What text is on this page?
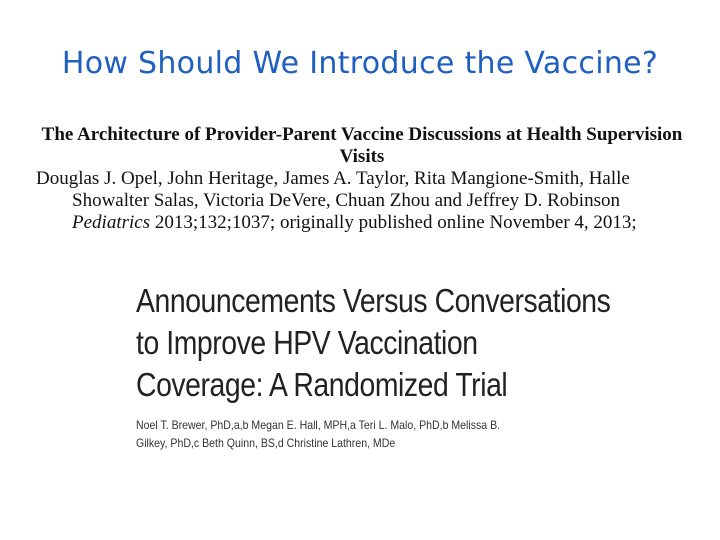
How Should We Introduce the Vaccine?

The Architecture of Provider-Parent Vaccine Discussions at Health Supervision
Visits

Douglas J. Opel, John Heritage, James A. Taylor, Rita Mangione-Smith, Halle
Showalter Salas, Victoria DeVere, Chuan Zhou and Jeffrey D. Robinson

Pediatrics 2013;132;1037; originally published online November 4, 2013;

Announcements Versus Conversations
to Improve HPV Vaccination
Coverage: A Randomized Trial
Noel T. Brewer, PhD,a,b Megan E. Hall, MPH,a Teri L. Malo, PhD,b Melissa B.
Gilkey, PhD,c Beth Quinn, BS,d Christine Lathren, MDe
